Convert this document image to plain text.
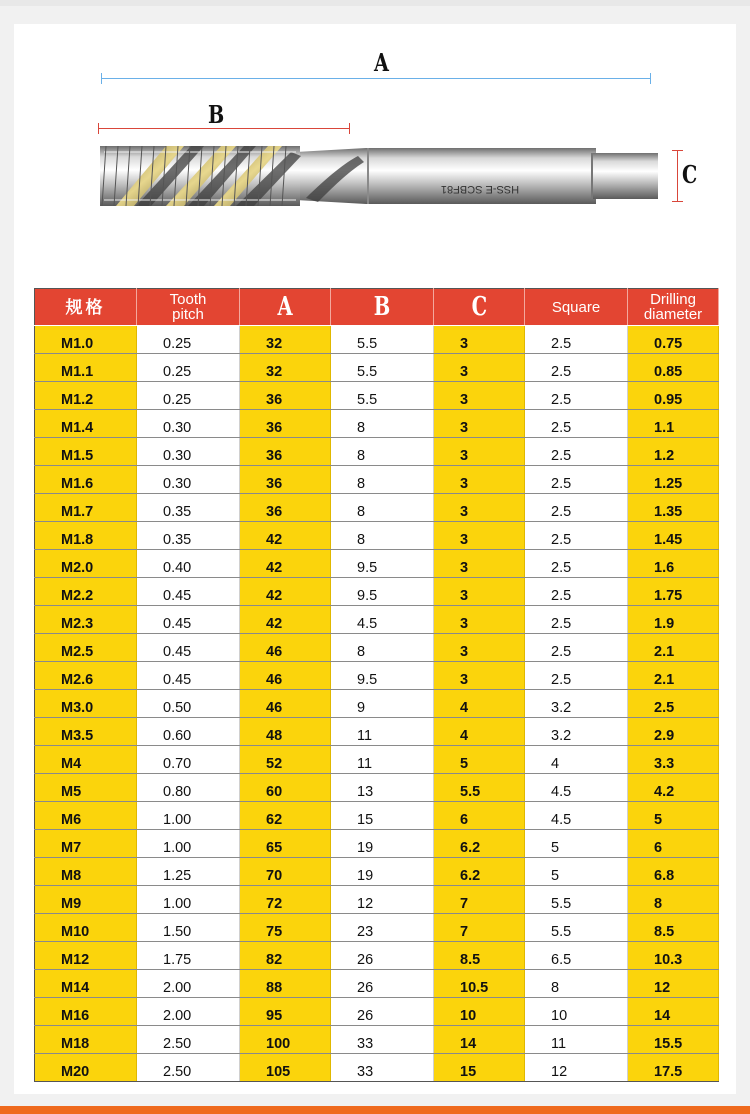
A
B
C
HSS-E SCBF81
规格	Tooth pitch	A	B	C	Square	Drilling diameter
M1.0	0.25	32	5.5	3	2.5	0.75
M1.1	0.25	32	5.5	3	2.5	0.85
M1.2	0.25	36	5.5	3	2.5	0.95
M1.4	0.30	36	8	3	2.5	1.1
M1.5	0.30	36	8	3	2.5	1.2
M1.6	0.30	36	8	3	2.5	1.25
M1.7	0.35	36	8	3	2.5	1.35
M1.8	0.35	42	8	3	2.5	1.45
M2.0	0.40	42	9.5	3	2.5	1.6
M2.2	0.45	42	9.5	3	2.5	1.75
M2.3	0.45	42	4.5	3	2.5	1.9
M2.5	0.45	46	8	3	2.5	2.1
M2.6	0.45	46	9.5	3	2.5	2.1
M3.0	0.50	46	9	4	3.2	2.5
M3.5	0.60	48	11	4	3.2	2.9
M4	0.70	52	11	5	4	3.3
M5	0.80	60	13	5.5	4.5	4.2
M6	1.00	62	15	6	4.5	5
M7	1.00	65	19	6.2	5	6
M8	1.25	70	19	6.2	5	6.8
M9	1.00	72	12	7	5.5	8
M10	1.50	75	23	7	5.5	8.5
M12	1.75	82	26	8.5	6.5	10.3
M14	2.00	88	26	10.5	8	12
M16	2.00	95	26	10	10	14
M18	2.50	100	33	14	11	15.5
M20	2.50	105	33	15	12	17.5
